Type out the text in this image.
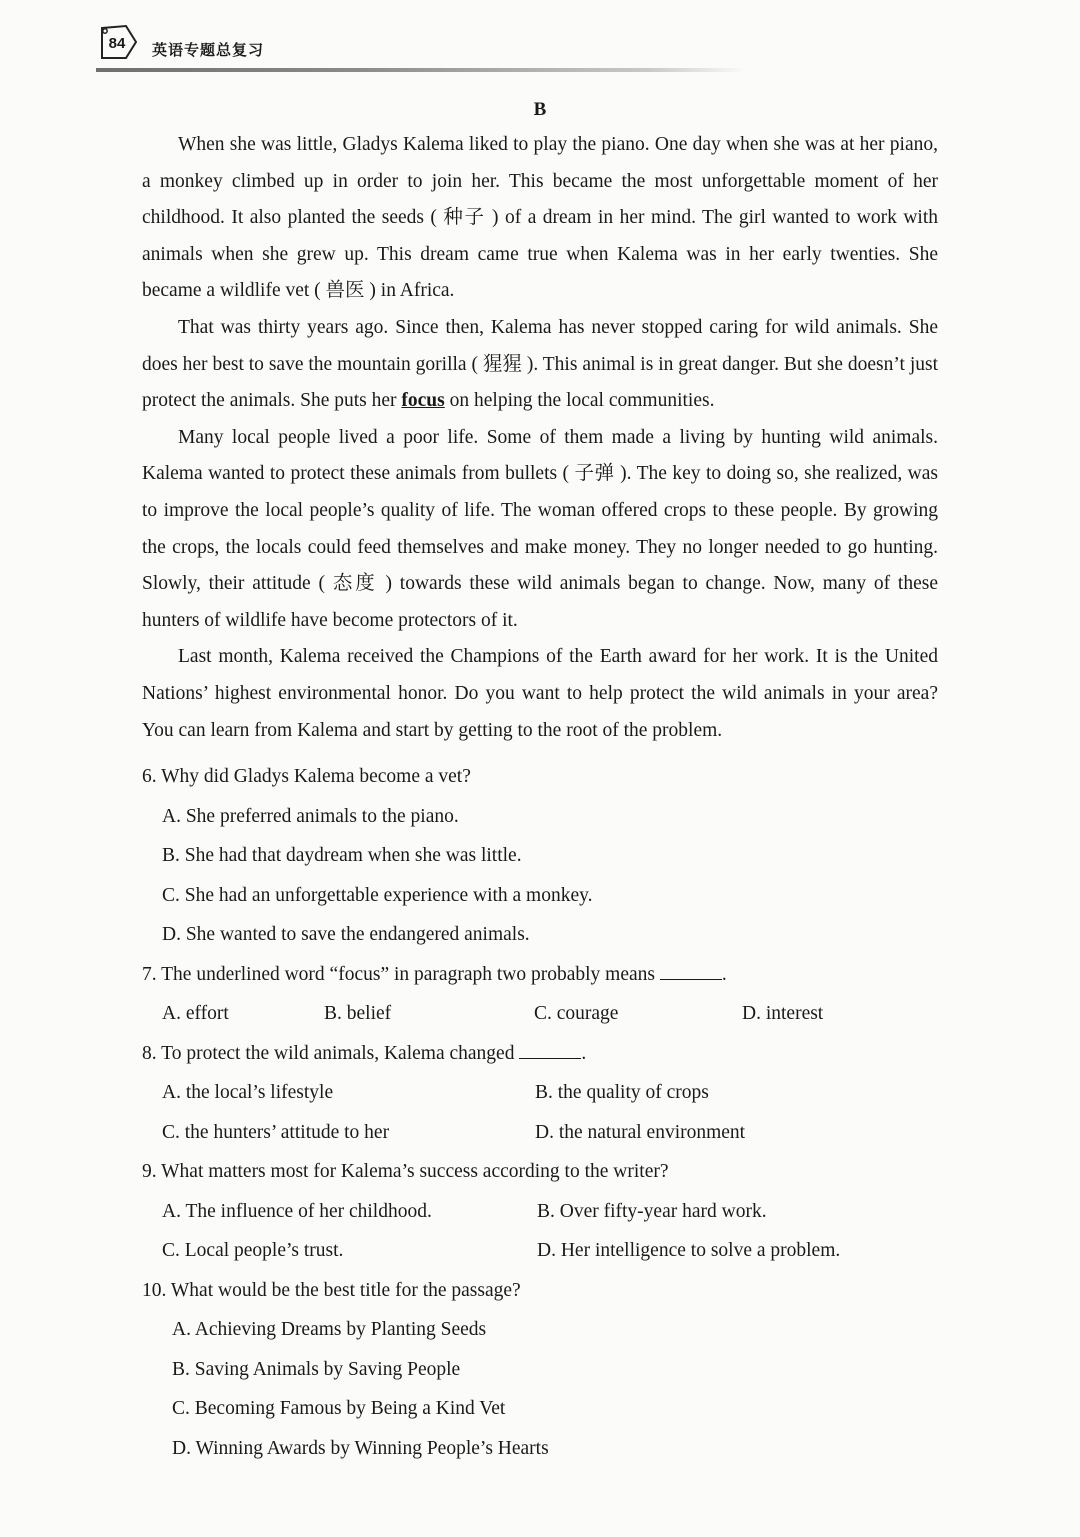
84 英语专题总复习
B

When she was little, Gladys Kalema liked to play the piano. One day when she was at her piano, a monkey climbed up in order to join her. This became the most unforgettable moment of her childhood. It also planted the seeds ( 种子 ) of a dream in her mind. The girl wanted to work with animals when she grew up. This dream came true when Kalema was in her early twenties. She became a wildlife vet ( 兽医 ) in Africa.

That was thirty years ago. Since then, Kalema has never stopped caring for wild animals. She does her best to save the mountain gorilla ( 猩猩 ). This animal is in great danger. But she doesn’t just protect the animals. She puts her focus on helping the local communities.

Many local people lived a poor life. Some of them made a living by hunting wild animals. Kalema wanted to protect these animals from bullets ( 子弹 ). The key to doing so, she realized, was to improve the local people’s quality of life. The woman offered crops to these people. By growing the crops, the locals could feed themselves and make money. They no longer needed to go hunting. Slowly, their attitude ( 态度 ) towards these wild animals began to change. Now, many of these hunters of wildlife have become protectors of it.

Last month, Kalema received the Champions of the Earth award for her work. It is the United Nations’ highest environmental honor. Do you want to help protect the wild animals in your area? You can learn from Kalema and start by getting to the root of the problem.

6. Why did Gladys Kalema become a vet?
A. She preferred animals to the piano.
B. She had that daydream when she was little.
C. She had an unforgettable experience with a monkey.
D. She wanted to save the endangered animals.
7. The underlined word “focus” in paragraph two probably means	.
A. effort	B. belief	C. courage	D. interest
8. To protect the wild animals, Kalema changed	.
A. the local’s lifestyle	B. the quality of crops
C. the hunters’ attitude to her	D. the natural environment
9. What matters most for Kalema’s success according to the writer?
A. The influence of her childhood.	B. Over fifty-year hard work.
C. Local people’s trust.	D. Her intelligence to solve a problem.
10. What would be the best title for the passage?
A. Achieving Dreams by Planting Seeds
B. Saving Animals by Saving People
C. Becoming Famous by Being a Kind Vet
D. Winning Awards by Winning People’s Hearts
